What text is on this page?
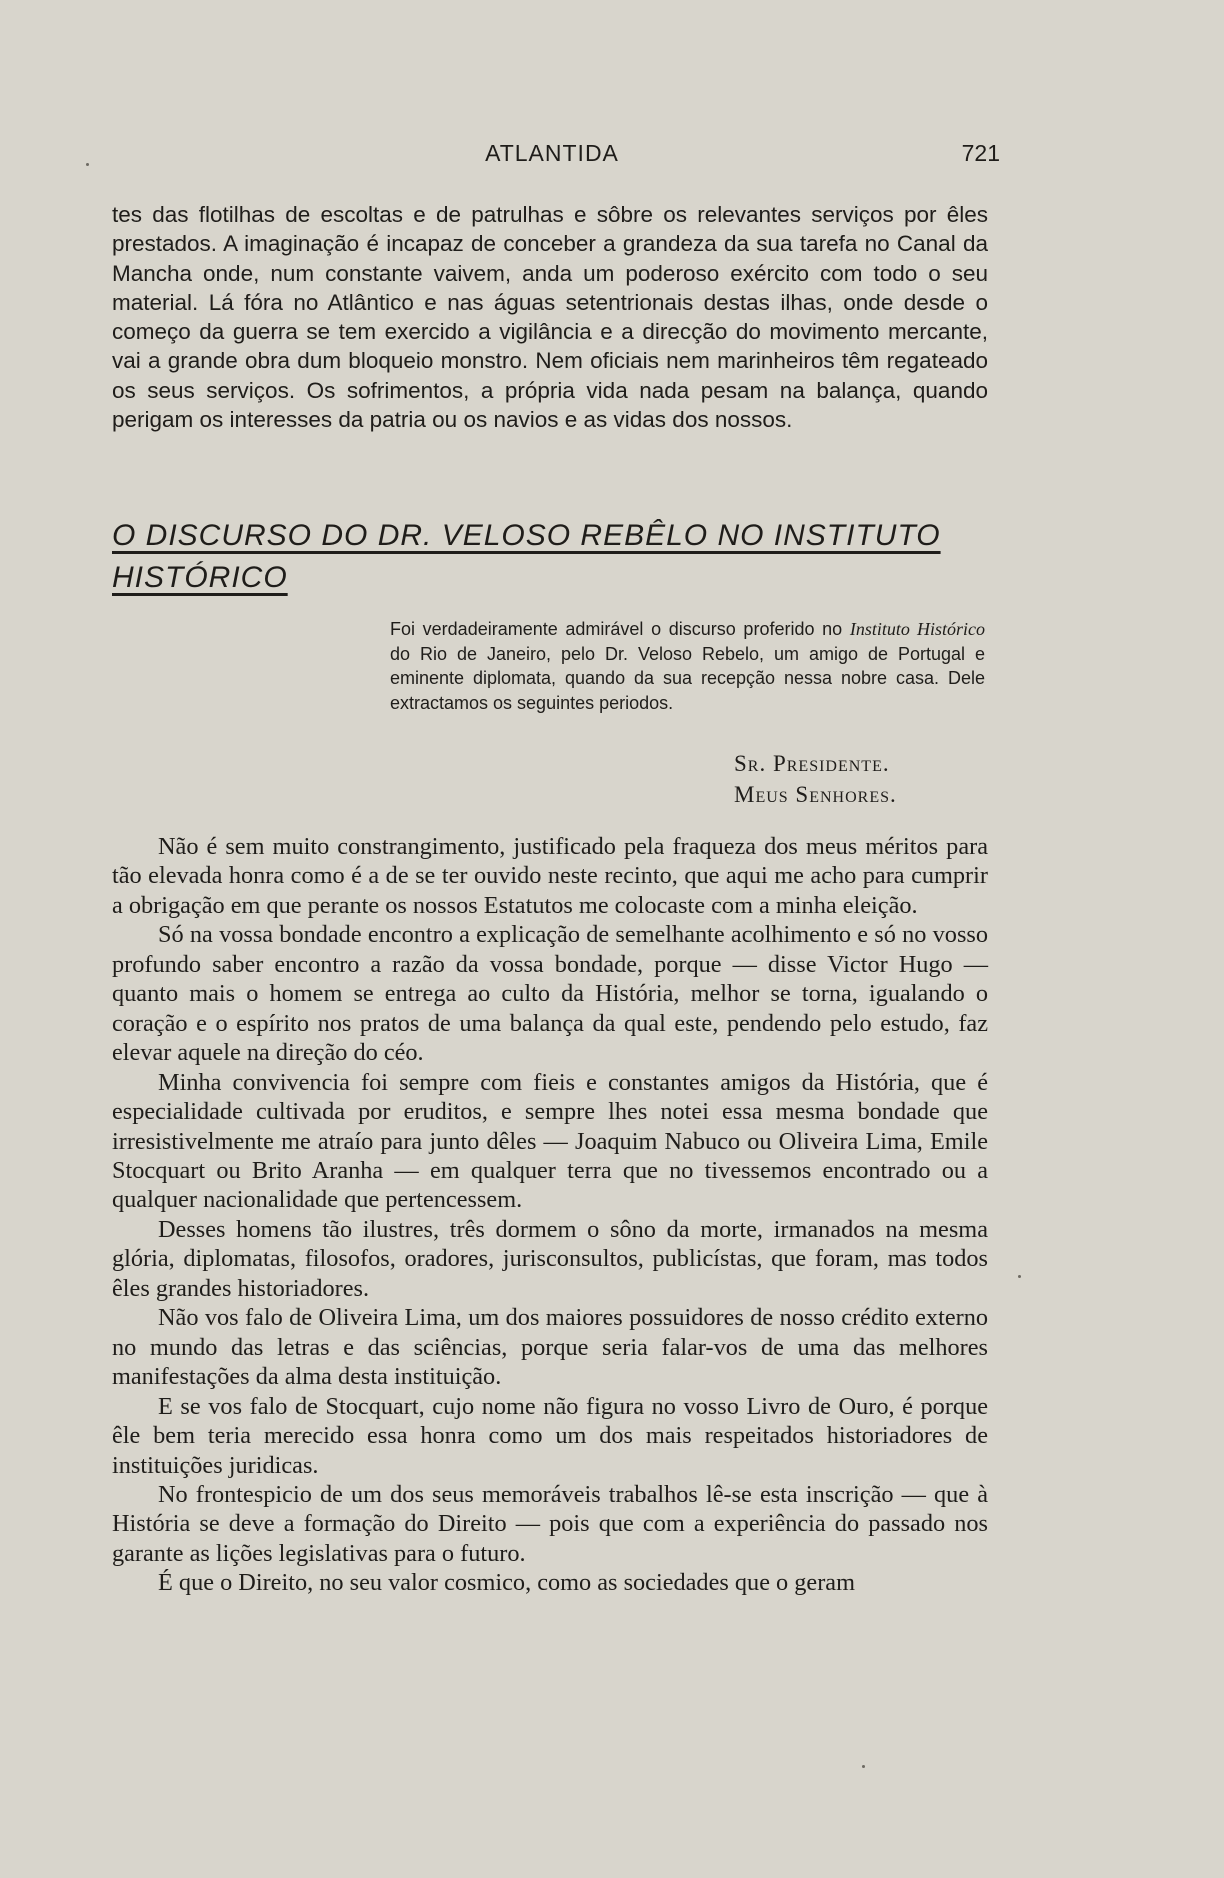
ATLANTIDA	721

tes das flotilhas de escoltas e de patrulhas e sôbre os relevantes serviços por êles prestados. A imaginação é incapaz de conceber a grandeza da sua tarefa no Canal da Mancha onde, num constante vaivem, anda um poderoso exército com todo o seu material. Lá fóra no Atlântico e nas águas setentrionais destas ilhas, onde desde o começo da guerra se tem exercido a vigilância e a direcção do movimento mercante, vai a grande obra dum bloqueio monstro. Nem oficiais nem marinheiros têm regateado os seus serviços. Os sofrimentos, a própria vida nada pesam na balança, quando perigam os interesses da patria ou os navios e as vidas dos nossos.

O DISCURSO DO DR. VELOSO REBÊLO NO INSTITUTO HISTÓRICO
Foi verdadeiramente admirável o discurso proferido no Instituto Histórico do Rio de Janeiro, pelo Dr. Veloso Rebelo, um amigo de Portugal e eminente diplomata, quando da sua recepção nessa nobre casa. Dele extractamos os seguintes periodos.
Sr. Presidente.
Meus Senhores.

Não é sem muito constrangimento, justificado pela fraqueza dos meus méritos para tão elevada honra como é a de se ter ouvido neste recinto, que aqui me acho para cumprir a obrigação em que perante os nossos Estatutos me colocaste com a minha eleição.

Só na vossa bondade encontro a explicação de semelhante acolhimento e só no vosso profundo saber encontro a razão da vossa bondade, porque — disse Victor Hugo — quanto mais o homem se entrega ao culto da História, melhor se torna, igualando o coração e o espírito nos pratos de uma balança da qual este, pendendo pelo estudo, faz elevar aquele na direção do céo.

Minha convivencia foi sempre com fieis e constantes amigos da História, que é especialidade cultivada por eruditos, e sempre lhes notei essa mesma bondade que irresistivelmente me atraío para junto dêles — Joaquim Nabuco ou Oliveira Lima, Emile Stocquart ou Brito Aranha — em qualquer terra que no tivessemos encontrado ou a qualquer nacionalidade que pertencessem.

Desses homens tão ilustres, três dormem o sôno da morte, irmanados na mesma glória, diplomatas, filosofos, oradores, jurisconsultos, publicístas, que foram, mas todos êles grandes historiadores.

Não vos falo de Oliveira Lima, um dos maiores possuidores de nosso crédito externo no mundo das letras e das sciências, porque seria falar-vos de uma das melhores manifestações da alma desta instituição.

E se vos falo de Stocquart, cujo nome não figura no vosso Livro de Ouro, é porque êle bem teria merecido essa honra como um dos mais respeitados historiadores de instituições juridicas.

No frontespicio de um dos seus memoráveis trabalhos lê-se esta inscrição — que à História se deve a formação do Direito — pois que com a experiência do passado nos garante as lições legislativas para o futuro.

É que o Direito, no seu valor cosmico, como as sociedades que o geram
